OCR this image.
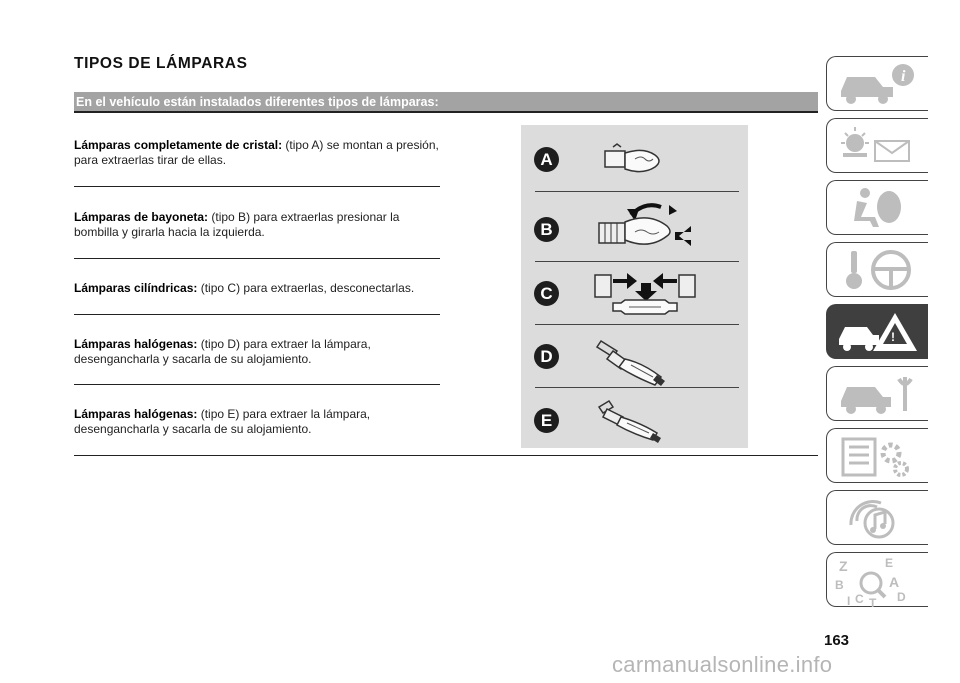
TIPOS DE LÁMPARAS
En el vehículo están instalados diferentes tipos de lámparas:
Lámparas completamente de cristal: (tipo A) se montan a presión,
para extraerlas tirar de ellas.
Lámparas de bayoneta: (tipo B) para extraerlas presionar la
bombilla y girarla hacia la izquierda.
Lámparas cilíndricas: (tipo C) para extraerlas, desconectarlas.
Lámparas halógenas: (tipo D) para extraer la lámpara,
desengancharla y sacarla de su alojamiento.
Lámparas halógenas: (tipo E) para extraer la lámpara,
desengancharla y sacarla de su alojamiento.
A
B
C
D
E
i
!
Z	E
B	A
C	D
I T
163
carmanualsonline.info
